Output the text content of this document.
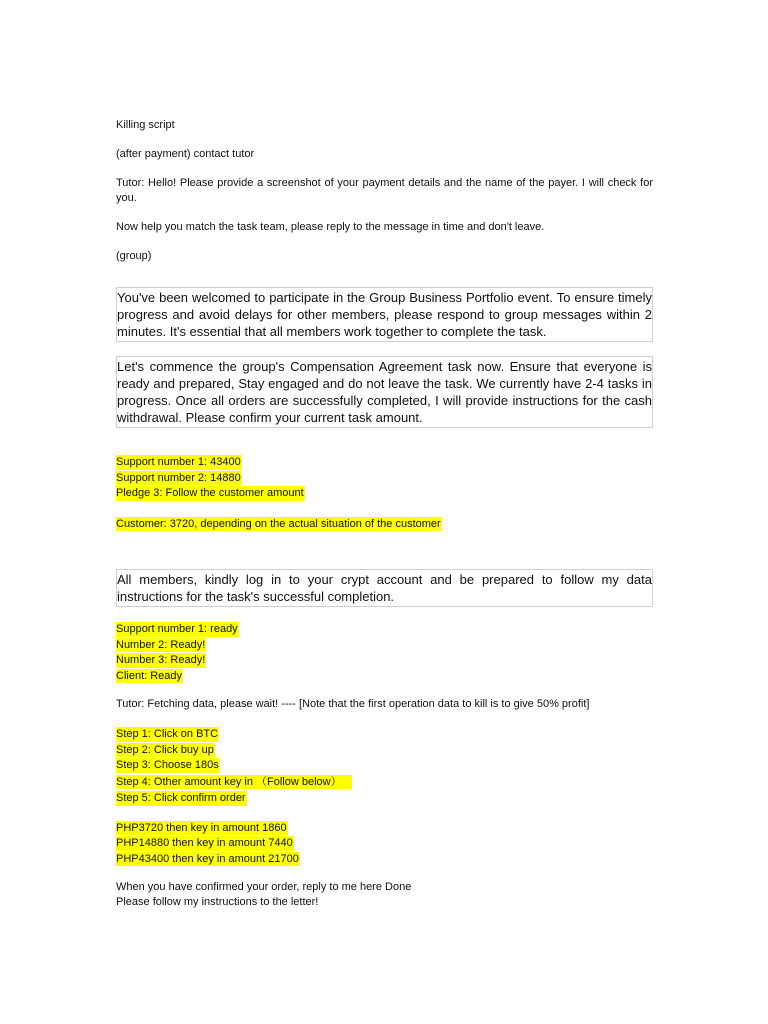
Killing script

(after payment) contact tutor

Tutor: Hello! Please provide a screenshot of your payment details and the name of the payer. I will check for you.

Now help you match the task team, please reply to the message in time and don't leave.

(group)

You've been welcomed to participate in the Group Business Portfolio event. To ensure timely progress and avoid delays for other members, please respond to group messages within 2 minutes. It's essential that all members work together to complete the task.
Let's commence the group's Compensation Agreement task now. Ensure that everyone is ready and prepared, Stay engaged and do not leave the task. We currently have 2-4 tasks in progress. Once all orders are successfully completed, I will provide instructions for the cash withdrawal. Please confirm your current task amount.
Support number 1: 43400
Support number 2: 14880
Pledge 3: Follow the customer amount
Customer: 3720, depending on the actual situation of the customer
All members, kindly log in to your crypt account and be prepared to follow my data instructions for the task's successful completion.
Support number 1: ready
Number 2: Ready!
Number 3: Ready!
Client: Ready

Tutor: Fetching data, please wait! ---- [Note that the first operation data to kill is to give 50% profit]

Step 1: Click on BTC
Step 2: Click buy up
Step 3: Choose 180s
Step 4: Other amount key in （Follow below）
Step 5: Click confirm order
PHP3720 then key in amount 1860
PHP14880 then key in amount 7440
PHP43400 then key in amount 21700

When you have confirmed your order, reply to me here Done

Please follow my instructions to the letter!
